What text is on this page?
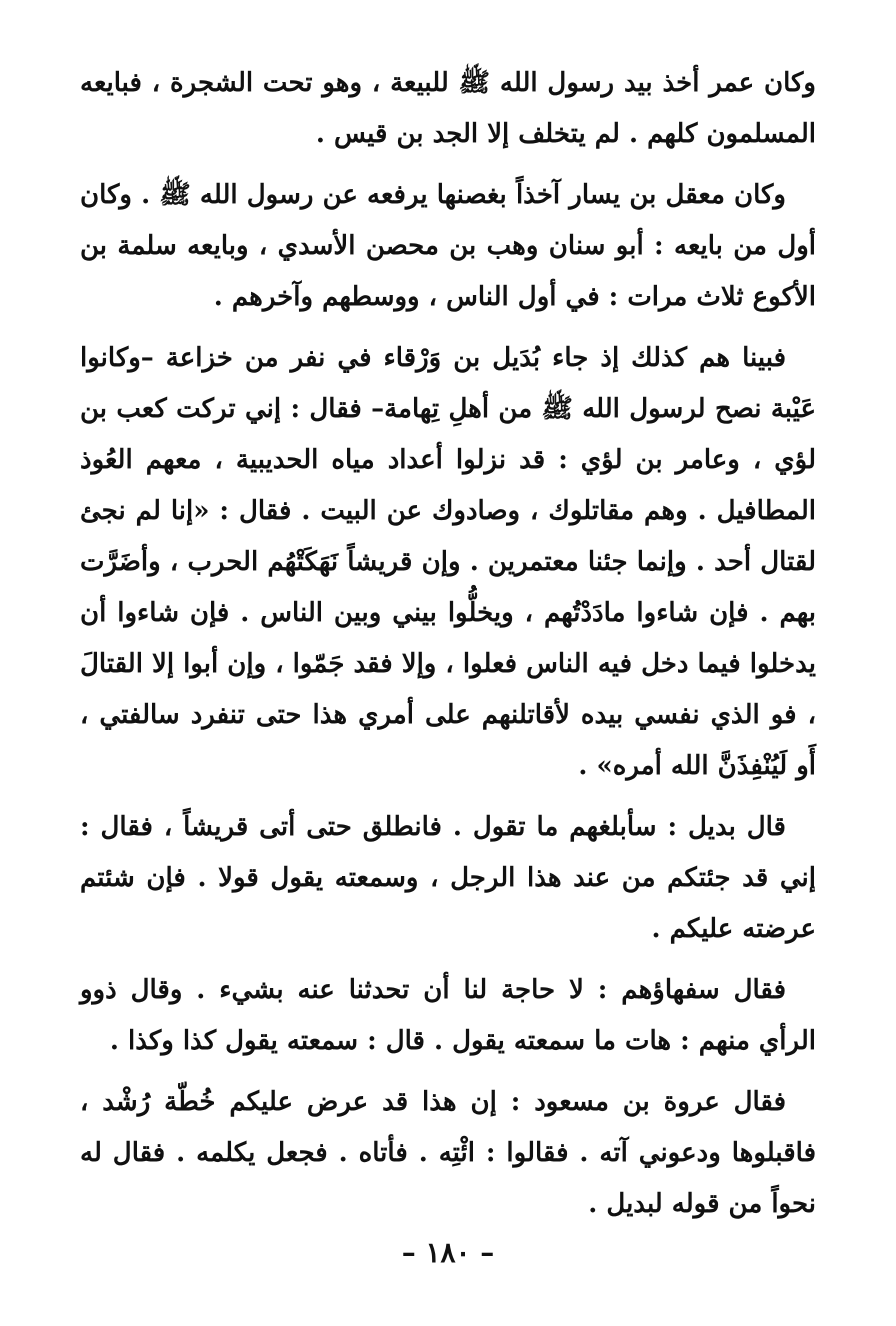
وكان عمر أخذ بيد رسول الله ﷺ للبيعة ، وهو تحت الشجرة ، فبايعه المسلمون كلهم . لم يتخلف إلا الجد بن قيس .

وكان معقل بن يسار آخذاً بغصنها يرفعه عن رسول الله ﷺ . وكان أول من بايعه : أبو سنان وهب بن محصن الأسدي ، وبايعه سلمة بن الأكوع ثلاث مرات : في أول الناس ، ووسطهم وآخرهم .

فبينا هم كذلك إذ جاء بُدَيل بن وَرْقاء في نفر من خزاعة –وكانوا عَيْبة نصح لرسول الله ﷺ من أهلِ تِهامة– فقال : إني تركت كعب بن لؤي ، وعامر بن لؤي : قد نزلوا أعداد مياه الحديبية ، معهم العُوذ المطافيل . وهم مقاتلوك ، وصادوك عن البيت . فقال : «إنا لم نجئ لقتال أحد . وإنما جئنا معتمرين . وإن قريشاً نَهَكَتْهُم الحرب ، وأضَرَّت بهم . فإن شاءوا مادَدْتُهم ، ويخلُّوا بيني وبين الناس . فإن شاءوا أن يدخلوا فيما دخل فيه الناس فعلوا ، وإلا فقد جَمّوا ، وإن أبوا إلا القتالَ ، فو الذي نفسي بيده لأقاتلنهم على أمري هذا حتى تنفرد سالفتي ، أَو لَيُنْفِذَنَّ الله أمره» .

قال بديل : سأبلغهم ما تقول . فانطلق حتى أتى قريشاً ، فقال : إني قد جئتكم من عند هذا الرجل ، وسمعته يقول قولا . فإن شئتم عرضته عليكم .

فقال سفهاؤهم : لا حاجة لنا أن تحدثنا عنه بشيء . وقال ذوو الرأي منهم : هات ما سمعته يقول . قال : سمعته يقول كذا وكذا .

فقال عروة بن مسعود : إن هذا قد عرض عليكم خُطّة رُشْد ، فاقبلوها ودعوني آته . فقالوا : ائْتِه . فأتاه . فجعل يكلمه . فقال له نحواً من قوله لبديل .

– ١٨٠ –
